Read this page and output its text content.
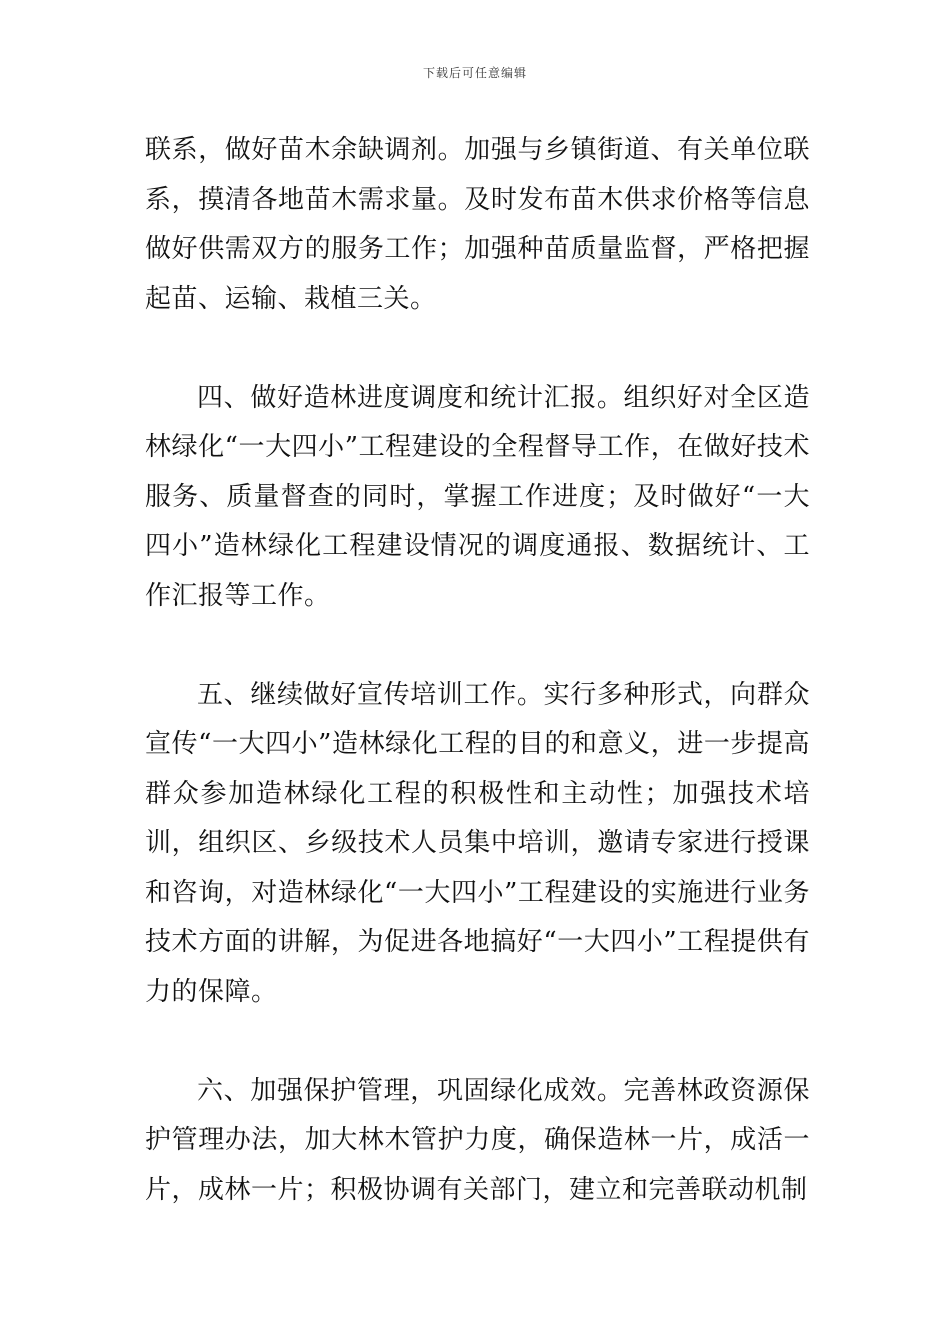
下载后可任意编辑

联系，做好苗木余缺调剂。加强与乡镇街道、有关单位联系，摸清各地苗木需求量。及时发布苗木供求价格等信息做好供需双方的服务工作；加强种苗质量监督，严格把握起苗、运输、栽植三关。

四、做好造林进度调度和统计汇报。组织好对全区造林绿化“一大四小”工程建设的全程督导工作，在做好技术服务、质量督查的同时，掌握工作进度；及时做好“一大四小”造林绿化工程建设情况的调度通报、数据统计、工作汇报等工作。

五、继续做好宣传培训工作。实行多种形式，向群众宣传“一大四小”造林绿化工程的目的和意义，进一步提高群众参加造林绿化工程的积极性和主动性；加强技术培训，组织区、乡级技术人员集中培训，邀请专家进行授课和咨询，对造林绿化“一大四小”工程建设的实施进行业务技术方面的讲解，为促进各地搞好“一大四小”工程提供有力的保障。

六、加强保护管理，巩固绿化成效。完善林政资源保护管理办法，加大林木管护力度，确保造林一片，成活一片，成林一片；积极协调有关部门，建立和完善联动机制
